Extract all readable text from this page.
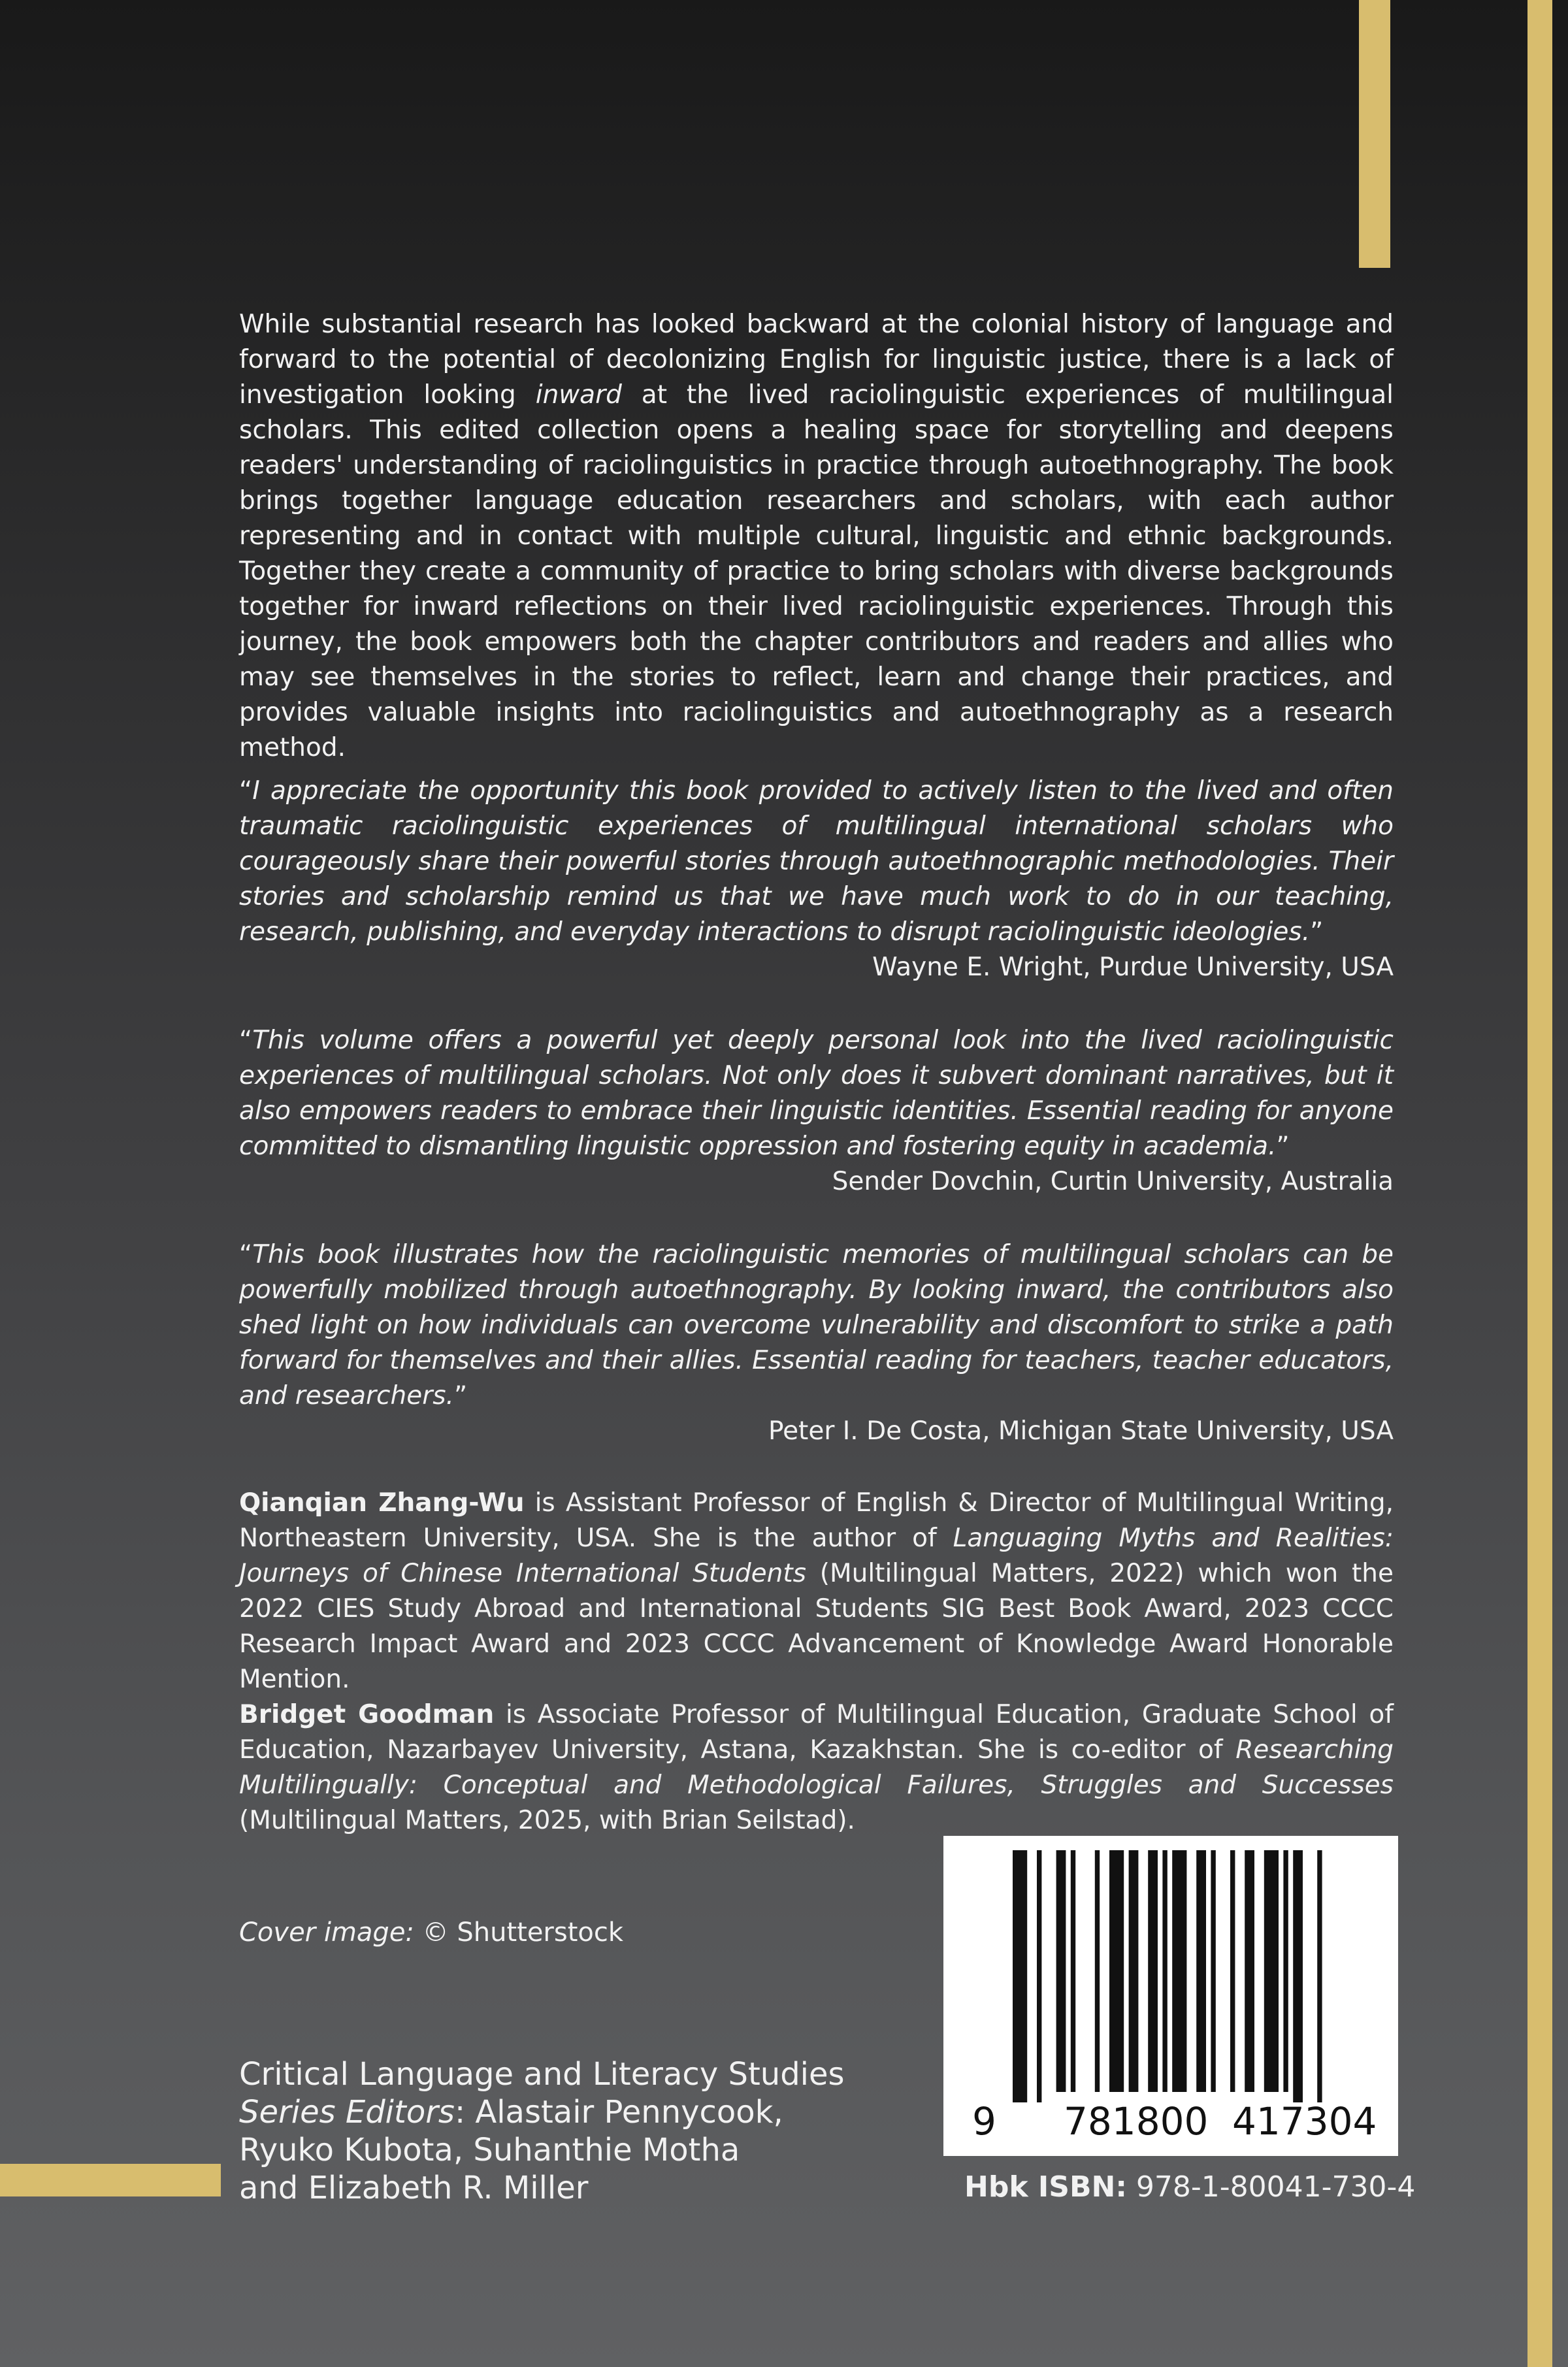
While substantial research has looked backward at the colonial history of language and forward to the potential of decolonizing English for linguistic justice, there is a lack of investigation looking inward at the lived raciolinguistic experiences of multilingual scholars. This edited collection opens a healing space for storytelling and deepens readers' understanding of raciolinguistics in practice through autoethnography. The book brings together language education researchers and scholars, with each author representing and in contact with multiple cultural, linguistic and ethnic backgrounds. Together they create a community of practice to bring scholars with diverse backgrounds together for inward reflections on their lived raciolinguistic experiences. Through this journey, the book empowers both the chapter contributors and readers and allies who may see themselves in the stories to reflect, learn and change their practices, and provides valuable insights into raciolinguistics and autoethnography as a research method.

“I appreciate the opportunity this book provided to actively listen to the lived and often traumatic raciolinguistic experiences of multilingual international scholars who courageously share their powerful stories through autoethnographic methodologies. Their stories and scholarship remind us that we have much work to do in our teaching, research, publishing, and everyday interactions to disrupt raciolinguistic ideologies.”

Wayne E. Wright, Purdue University, USA

“This volume offers a powerful yet deeply personal look into the lived raciolinguistic experiences of multilingual scholars. Not only does it subvert dominant narratives, but it also empowers readers to embrace their linguistic identities. Essential reading for anyone committed to dismantling linguistic oppression and fostering equity in academia.”

Sender Dovchin, Curtin University, Australia

“This book illustrates how the raciolinguistic memories of multilingual scholars can be powerfully mobilized through autoethnography. By looking inward, the contributors also shed light on how individuals can overcome vulnerability and discomfort to strike a path forward for themselves and their allies. Essential reading for teachers, teacher educators, and researchers.”

Peter I. De Costa, Michigan State University, USA

Qianqian Zhang-Wu is Assistant Professor of English & Director of Multilingual Writing, Northeastern University, USA. She is the author of Languaging Myths and Realities: Journeys of Chinese International Students (Multilingual Matters, 2022) which won the 2022 CIES Study Abroad and International Students SIG Best Book Award, 2023 CCCC Research Impact Award and 2023 CCCC Advancement of Knowledge Award Honorable Mention.

Bridget Goodman is Associate Professor of Multilingual Education, Graduate School of Education, Nazarbayev University, Astana, Kazakhstan. She is co-editor of Researching Multilingually: Conceptual and Methodological Failures, Struggles and Successes (Multilingual Matters, 2025, with Brian Seilstad).

Cover image: © Shutterstock
Critical Language and Literacy Studies
Series Editors: Alastair Pennycook,
Ryuko Kubota, Suhanthie Motha
and Elizabeth R. Miller
9 781800 417304
Hbk ISBN: 978-1-80041-730-4
